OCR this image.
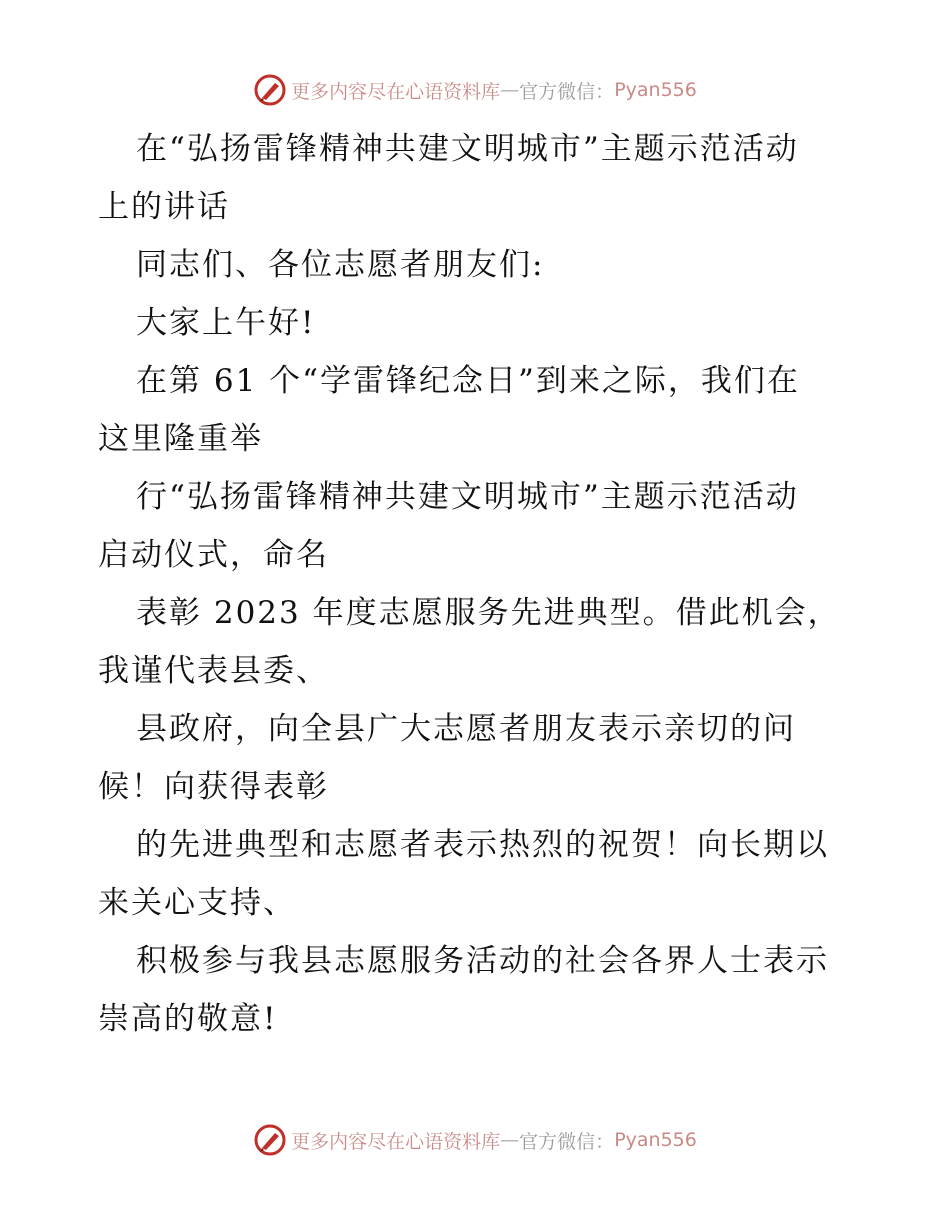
更多内容尽在心语资料库 — 官方微信： Pyan556

在“弘扬雷锋精神共建文明城市”主题示范活动

上的讲话

同志们、各位志愿者朋友们:

大家上午好!

在第 61 个“学雷锋纪念日”到来之际，我们在

这里隆重举

行“弘扬雷锋精神共建文明城市”主题示范活动

启动仪式，命名

表彰 2023 年度志愿服务先进典型。借此机会，

我谨代表县委、

县政府，向全县广大志愿者朋友表示亲切的问

候！向获得表彰

的先进典型和志愿者表示热烈的祝贺！向长期以

来关心支持、

积极参与我县志愿服务活动的社会各界人士表示

崇高的敬意!

更多内容尽在心语资料库 — 官方微信： Pyan556
